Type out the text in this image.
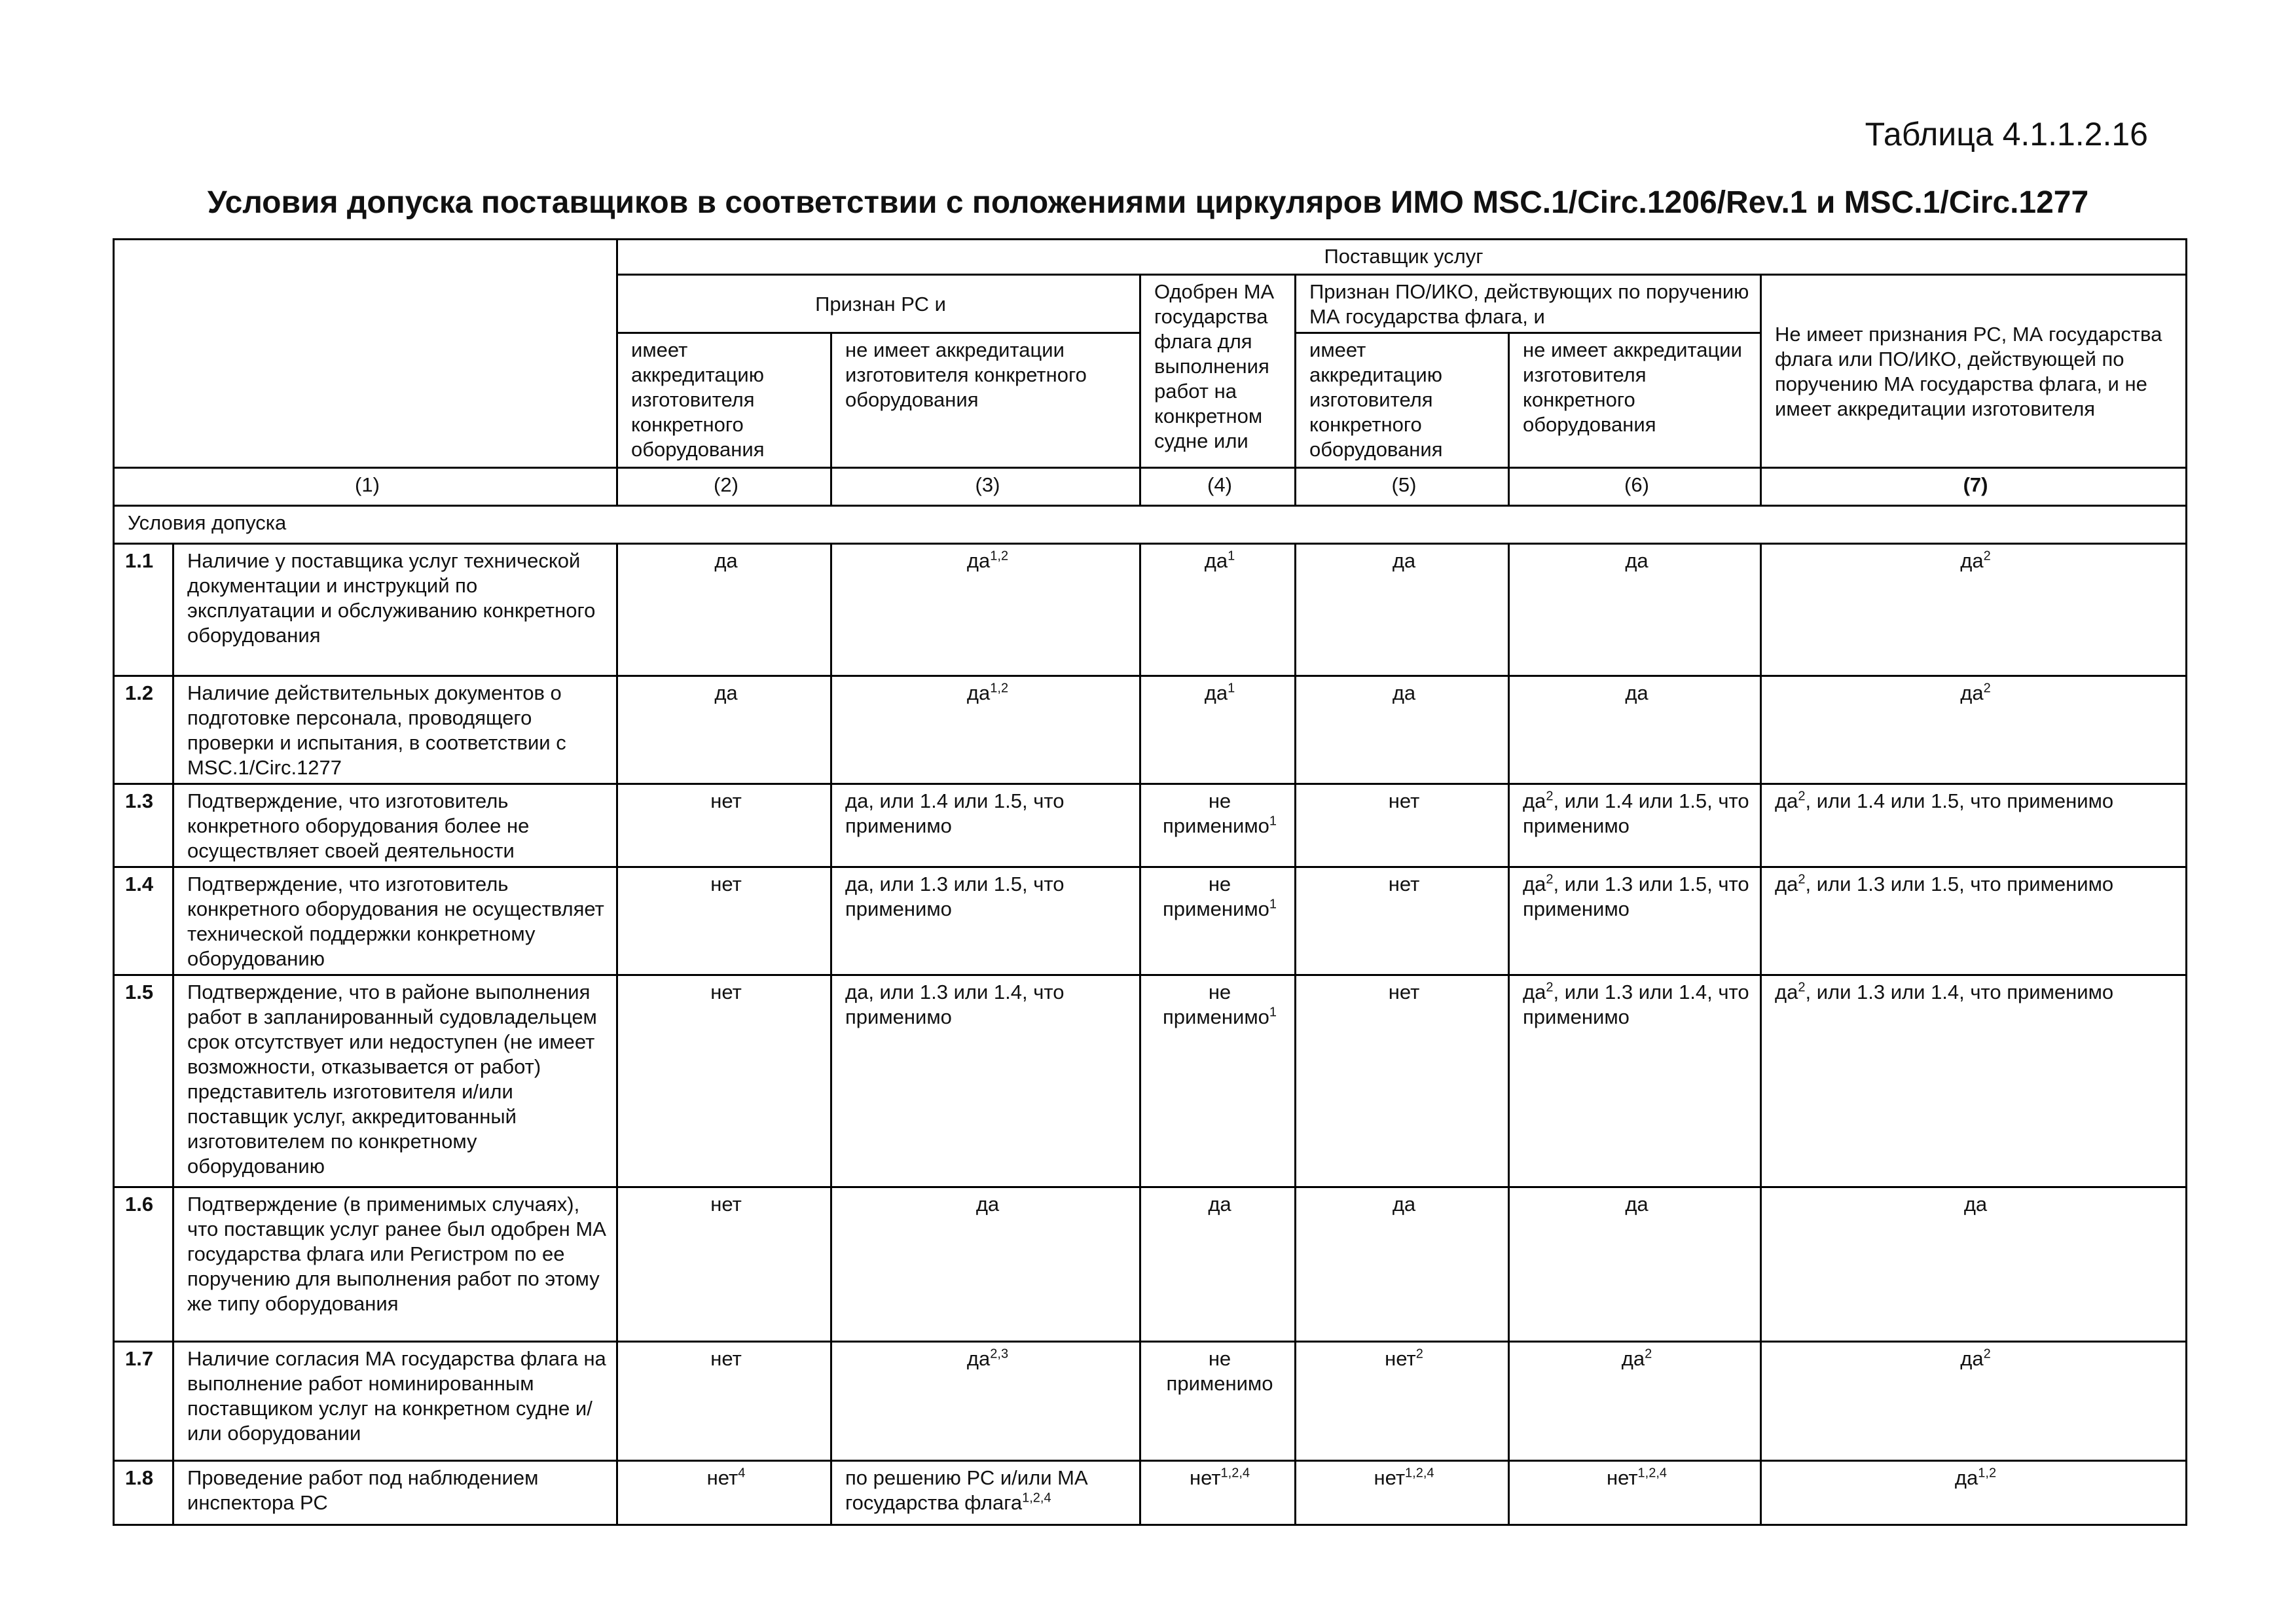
Таблица 4.1.1.2.16
Условия допуска поставщиков в соответствии с положениями циркуляров ИМО MSC.1/Circ.1206/Rev.1 и MSC.1/Circ.1277
		Поставщик услуг					
		Признан РС и		Одобрен МА государства флага для выполнения работ на конкретном судне или	Признан ПО/ИКО, действующих по поручению МА государства флага, и		Не имеет признания РС, МА государства флага или ПО/ИКО, действующей по поручению МА государства флага, и не имеет аккредитации изготовителя
		имеет аккредитацию изготовителя конкретного оборудования	не имеет аккредитации изготовителя конкретного оборудования		имеет аккредитацию изготовителя конкретного оборудования	не имеет аккредитации изготовителя конкретного оборудования	
(1)		(2)	(3)	(4)	(5)	(6)	(7)
Условия допуска							
1.1	Наличие у поставщика услуг технической документации и инструкций по эксплуатации и обслуживанию конкретного оборудования	да	да$^{1,2}$	$да^1$	да	да	$да^2$
1.2	Наличие действительных документов о подготовке персонала, проводящего проверки и испытания, в соответствии с MSC.1/Circ.1277	да	да$^{1,2}$	$да^1$	да	да	$да^2$
1.3	Подтверждение, что изготовитель конкретного оборудования более не осуществляет своей деятельности	нет	да, или 1.4 или 1.5, что применимо	не применимо$^1$	нет	$да^2$, или 1.4 или 1.5, что применимо	$да^2$, или 1.4 или 1.5, что применимо
1.4	Подтверждение, что изготовитель конкретного оборудования не осуществляет технической поддержки конкретному оборудованию	нет	да, или 1.3 или 1.5, что применимо	не применимо$^1$	нет	$да^2$, или 1.3 или 1.5, что применимо	$да^2$, или 1.3 или 1.5, что применимо
1.5	Подтверждение, что в районе выполнения работ в запланированный судовладельцем срок отсутствует или недоступен (не имеет возможности, отказывается от работ) представитель изготовителя и/или поставщик услуг, аккредитованный изготовителем по конкретному оборудованию	нет	да, или 1.3 или 1.4, что применимо	не применимо$^1$	нет	$да^2$, или 1.3 или 1.4, что применимо	$да^2$, или 1.3 или 1.4, что применимо
1.6	Подтверждение (в применимых случаях), что поставщик услуг ранее был одобрен МА государства флага или Регистром по ее поручению для выполнения работ по этому же типу оборудования	нет	да	да	да	да	да
1.7	Наличие согласия МА государства флага на выполнение работ номинированным поставщиком услуг на конкретном судне и/или оборудовании	нет	да$^{2,3}$	не применимо	нет$^2$	$да^2$	$да^2$
1.8	Проведение работ под наблюдением инспектора РС	нет$^4$	по решению РС и/или МА государства флага$^{1,2,4}$	нет$^{1,2,4}$	нет$^{1,2,4}$	нет$^{1,2,4}$	да$^{1,2}$
